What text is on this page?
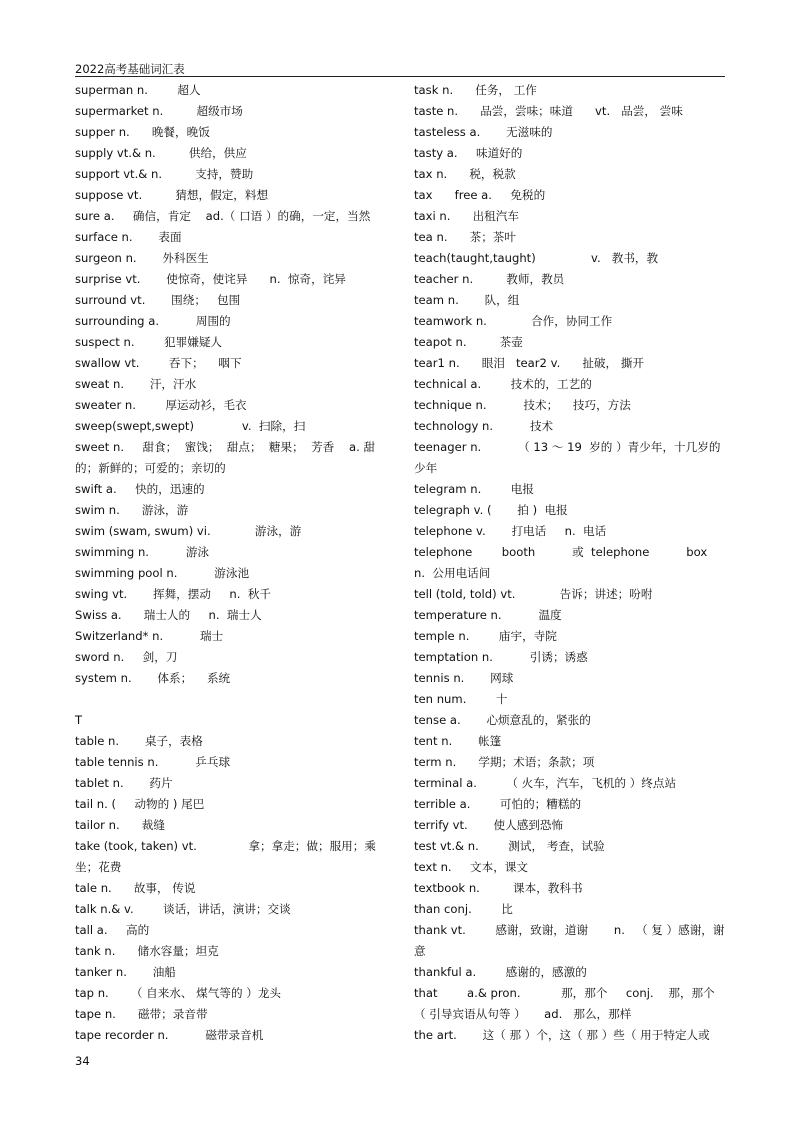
2022高考基础词汇表
superman n.        超人
supermarket n.         超级市场
supper n.      晚餐，晚饭
supply vt.& n.         供给，供应
support vt.& n.         支持，赞助
suppose vt.         猜想，假定，料想
sure a.     确信，肯定    ad.（ 口语 ）的确，一定，当然
surface n.       表面
surgeon n.       外科医生
surprise vt.       使惊奇，使诧异      n.  惊奇，诧异
surround vt.       围绕；   包围
surrounding a.          周围的
suspect n.        犯罪嫌疑人
swallow vt.        吞下；    咽下
sweat n.       汗，汗水
sweater n.        厚运动衫，毛衣
sweep(swept,swept)             v.  扫除，扫
sweet n.     甜食；  蜜饯；  甜点；  糖果；  芳香    a. 甜的；新鲜的；可爱的；亲切的
swift a.     快的，迅速的
swim n.      游泳，游
swim (swam, swum) vi.            游泳，游
swimming n.          游泳
swimming pool n.          游泳池
swing vt.       挥舞，摆动     n.  秋千
Swiss a.      瑞士人的     n.  瑞士人
Switzerland* n.          瑞士
sword n.     剑，刀
system n.       体系；    系统
T
table n.       桌子，表格
table tennis n.          乒乓球
tablet n.       药片
tail n. (     动物的 ) 尾巴
tailor n.      裁缝
take (took, taken) vt.              拿；拿走；做；服用；乘坐；花费
tale n.      故事， 传说
talk n.& v.        谈话，讲话，演讲；交谈
tall a.     高的
tank n.      储水容量；坦克
tanker n.       油船
tap n.      （ 自来水、 煤气等的 ）龙头
tape n.      磁带；录音带
tape recorder n.          磁带录音机
task n.      任务， 工作
taste n.      品尝，尝味；味道      vt.   品尝， 尝味
tasteless a.       无滋味的
tasty a.     味道好的
tax n.      税，税款
tax      free a.     免税的
taxi n.      出租汽车
tea n.      茶；茶叶
teach(taught,taught)               v.   教书，教
teacher n.         教师，教员
team n.       队，组
teamwork n.            合作，协同工作
teapot n.         茶壶
tear1 n.      眼泪   tear2 v.      扯破， 撕开
technical a.        技术的，工艺的
technique n.          技术；    技巧，方法
technology n.          技术
teenager n.          （ 13 ～ 19  岁的 ）青少年，十几岁的少年
telegram n.        电报
telegraph v. (       拍 )  电报
telephone v.       打电话     n.  电话
telephone        booth          或  telephone          box          n.  公用电话间
tell (told, told) vt.            告诉；讲述；吩咐
temperature n.          温度
temple n.        庙宇，寺院
temptation n.          引诱；诱惑
tennis n.       网球
ten num.        十
tense a.       心烦意乱的，紧张的
tent n.       帐篷
term n.      学期；术语；条款；项
terminal a.        （ 火车，汽车，飞机的 ）终点站
terrible a.        可怕的；糟糕的
terrify vt.       使人感到恐怖
test vt.& n.        测试， 考查，试验
text n.     文本，课文
textbook n.         课本，教科书
than conj.        比
thank vt.        感谢，致谢，道谢       n.   （ 复 ）感谢，谢意
thankful a.        感谢的，感激的
that        a.& pron.           那，那个     conj.    那，那个（ 引导宾语从句等 ）     ad.   那么，那样
the art.       这（ 那 ）个，这（ 那 ）些（ 用于特定人或
34
